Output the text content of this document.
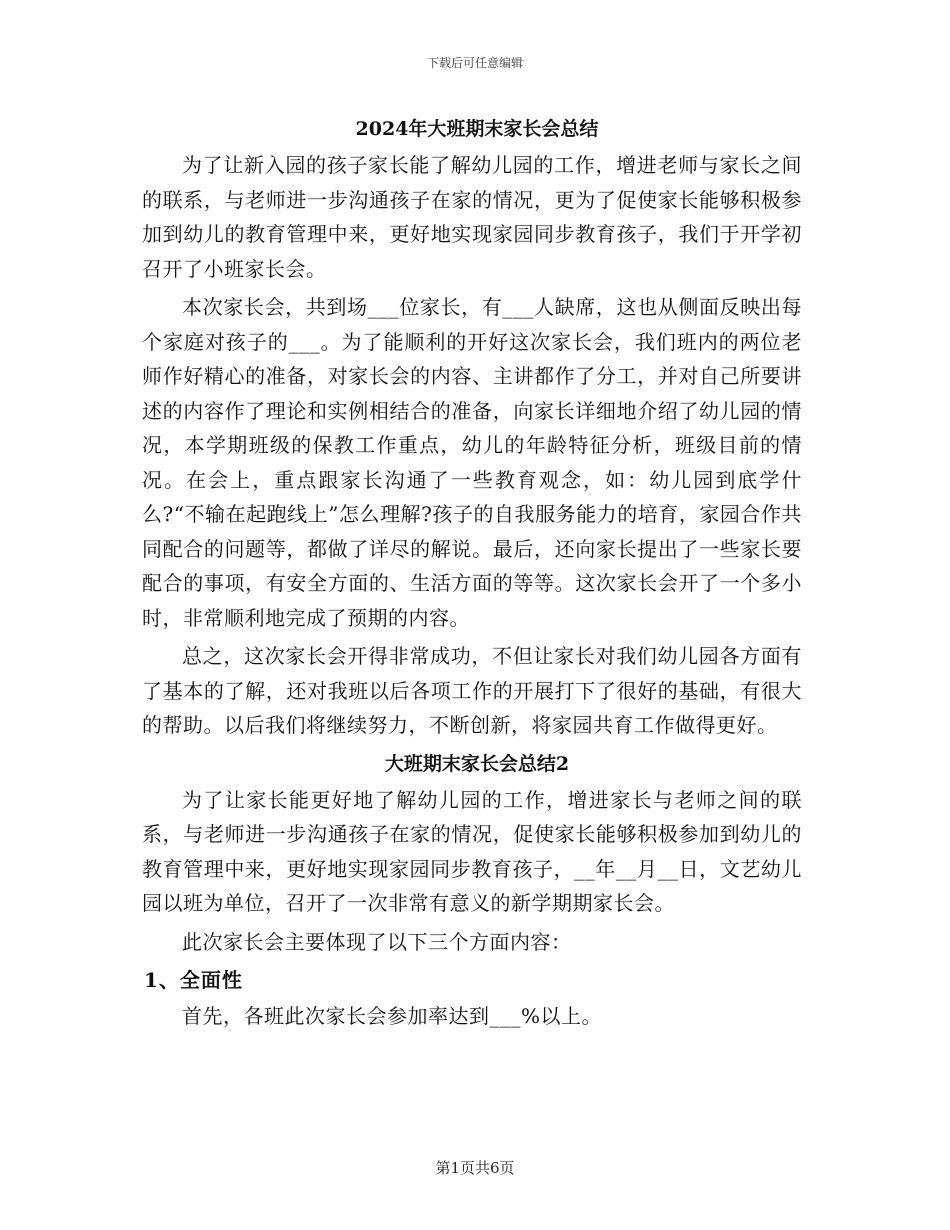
下载后可任意编辑
2024年大班期末家长会总结

为了让新入园的孩子家长能了解幼儿园的工作，增进老师与家长之间的联系，与老师进一步沟通孩子在家的情况，更为了促使家长能够积极参加到幼儿的教育管理中来，更好地实现家园同步教育孩子，我们于开学初召开了小班家长会。

本次家长会，共到场___位家长，有___人缺席，这也从侧面反映出每个家庭对孩子的___。为了能顺利的开好这次家长会，我们班内的两位老师作好精心的准备，对家长会的内容、主讲都作了分工，并对自己所要讲述的内容作了理论和实例相结合的准备，向家长详细地介绍了幼儿园的情况，本学期班级的保教工作重点，幼儿的年龄特征分析，班级目前的情况。在会上，重点跟家长沟通了一些教育观念，如：幼儿园到底学什么?“不输在起跑线上”怎么理解?孩子的自我服务能力的培育，家园合作共同配合的问题等，都做了详尽的解说。最后，还向家长提出了一些家长要配合的事项，有安全方面的、生活方面的等等。这次家长会开了一个多小时，非常顺利地完成了预期的内容。

总之，这次家长会开得非常成功，不但让家长对我们幼儿园各方面有了基本的了解，还对我班以后各项工作的开展打下了很好的基础，有很大的帮助。以后我们将继续努力，不断创新，将家园共育工作做得更好。

大班期末家长会总结2

为了让家长能更好地了解幼儿园的工作，增进家长与老师之间的联系，与老师进一步沟通孩子在家的情况，促使家长能够积极参加到幼儿的教育管理中来，更好地实现家园同步教育孩子，__年__月__日，文艺幼儿园以班为单位，召开了一次非常有意义的新学期期家长会。

此次家长会主要体现了以下三个方面内容：

1、全面性

首先，各班此次家长会参加率达到___%以上。

第1页共6页
